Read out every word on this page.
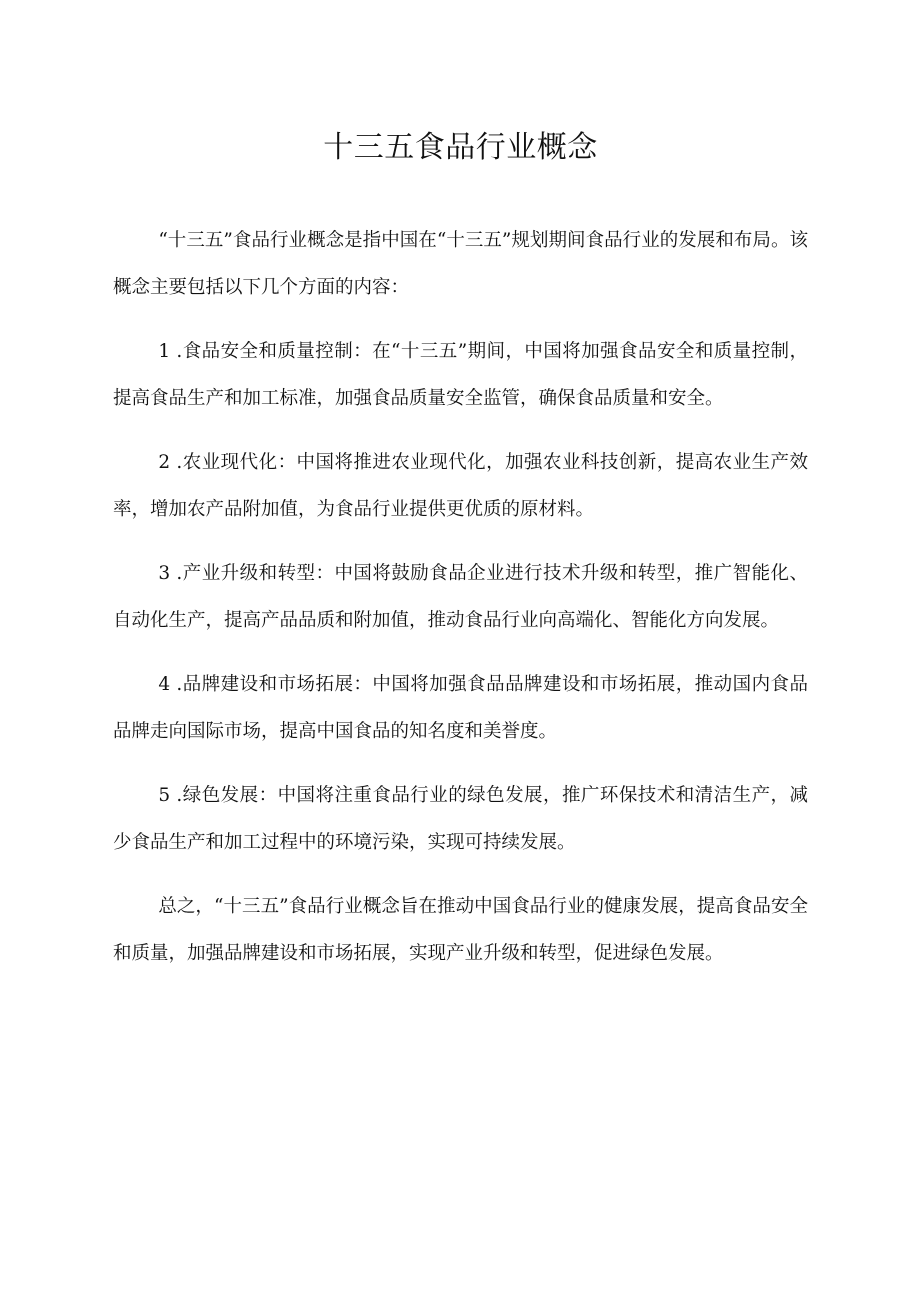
十三五食品行业概念

“十三五”食品行业概念是指中国在“十三五”规划期间食品行业的发展和布局。该概念主要包括以下几个方面的内容：

1 .食品安全和质量控制：在“十三五”期间，中国将加强食品安全和质量控制，提高食品生产和加工标准，加强食品质量安全监管，确保食品质量和安全。

2 .农业现代化：中国将推进农业现代化，加强农业科技创新，提高农业生产效率，增加农产品附加值，为食品行业提供更优质的原材料。

3 .产业升级和转型：中国将鼓励食品企业进行技术升级和转型，推广智能化、自动化生产，提高产品品质和附加值，推动食品行业向高端化、智能化方向发展。

4 .品牌建设和市场拓展：中国将加强食品品牌建设和市场拓展，推动国内食品品牌走向国际市场，提高中国食品的知名度和美誉度。

5 .绿色发展：中国将注重食品行业的绿色发展，推广环保技术和清洁生产，减少食品生产和加工过程中的环境污染，实现可持续发展。

总之，“十三五”食品行业概念旨在推动中国食品行业的健康发展，提高食品安全和质量，加强品牌建设和市场拓展，实现产业升级和转型，促进绿色发展。
